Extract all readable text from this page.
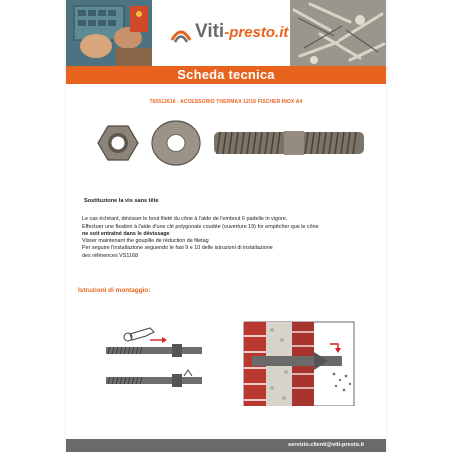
Viti-presto.it
Scheda tecnica
760512616 - ACCESSORIO THERMAX 12/16 FISCHER INOX A4
Sostituzione la vis sans tête
Le cas échéant, dévisser le bout fileté du cône à l'aide de l'embout 6 padelle in vigore.
Effectuer une fixation à l'aide d'une clé polygonale coudée (ouverture 19) for empêcher que le cône
ne soit entraîné dans le dévissage
Visser maintenant the goupille de réduction de filetag
Per seguire l'installazione seguendo le fasi 9 e 10 delle istruzioni di installazione
des références VS1168
Istruzioni di montaggio:
servizio.clienti@viti-presto.it
